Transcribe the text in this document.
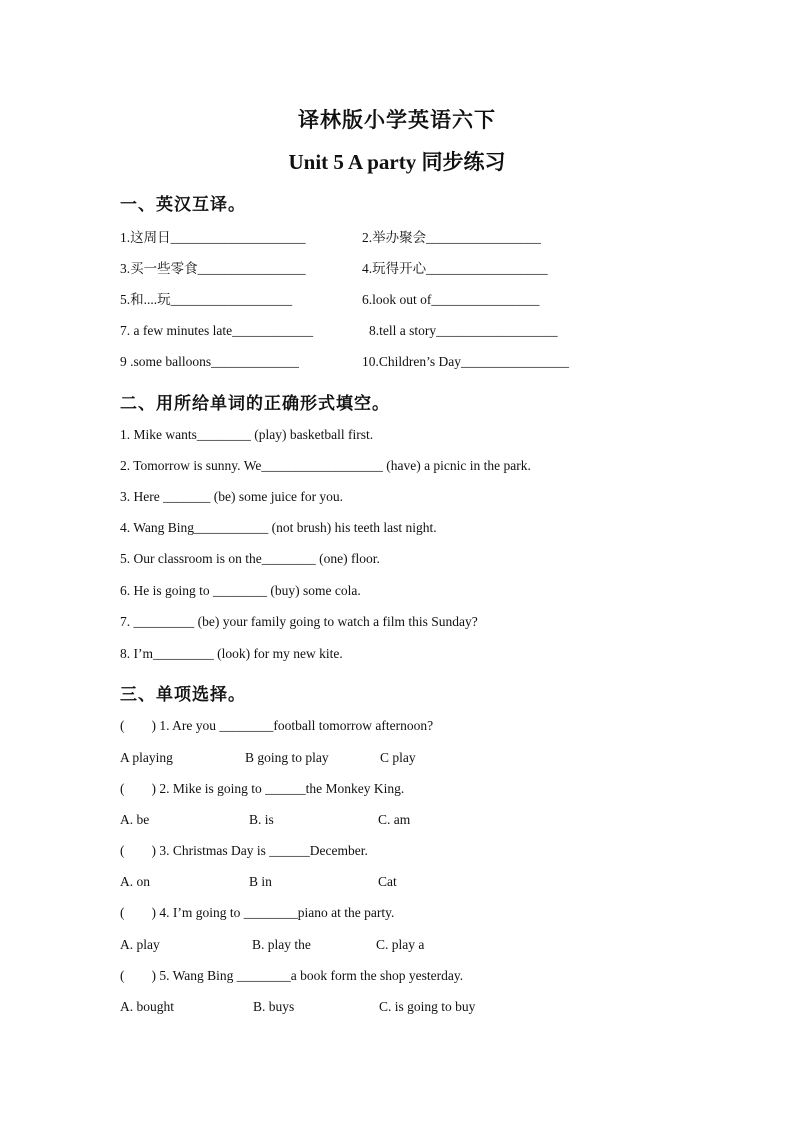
译林版小学英语六下
Unit 5 A party 同步练习
一、英汉互译。
1.这周日____________________	2.举办聚会_________________
3.买一些零食________________	4.玩得开心__________________
5.和....玩__________________	6.look out of________________
7. a few minutes late____________	8.tell a story__________________
9 .some balloons_____________	10.Children’s Day________________
二、用所给单词的正确形式填空。
1. Mike wants________ (play) basketball first.
2. Tomorrow is sunny. We__________________ (have) a picnic in the park.
3. Here _______ (be) some juice for you.
4. Wang Bing___________ (not brush) his teeth last night.
5. Our classroom is on the________ (one) floor.
6. He is going to ________ (buy) some cola.
7. _________ (be) your family going to watch a film this Sunday?
8. I’m_________ (look) for my new kite.
三、单项选择。
(        ) 1. Are you ________football tomorrow afternoon?
A playing	B going to play	C play
(        ) 2. Mike is going to ______the Monkey King.
A. be	B. is	C. am
(        ) 3. Christmas Day is ______December.
A. on	B in	Cat
(        ) 4. I’m going to ________piano at the party.
A. play	B. play the	C. play a
(        ) 5. Wang Bing ________a book form the shop yesterday.
A. bought	B. buys	C. is going to buy
